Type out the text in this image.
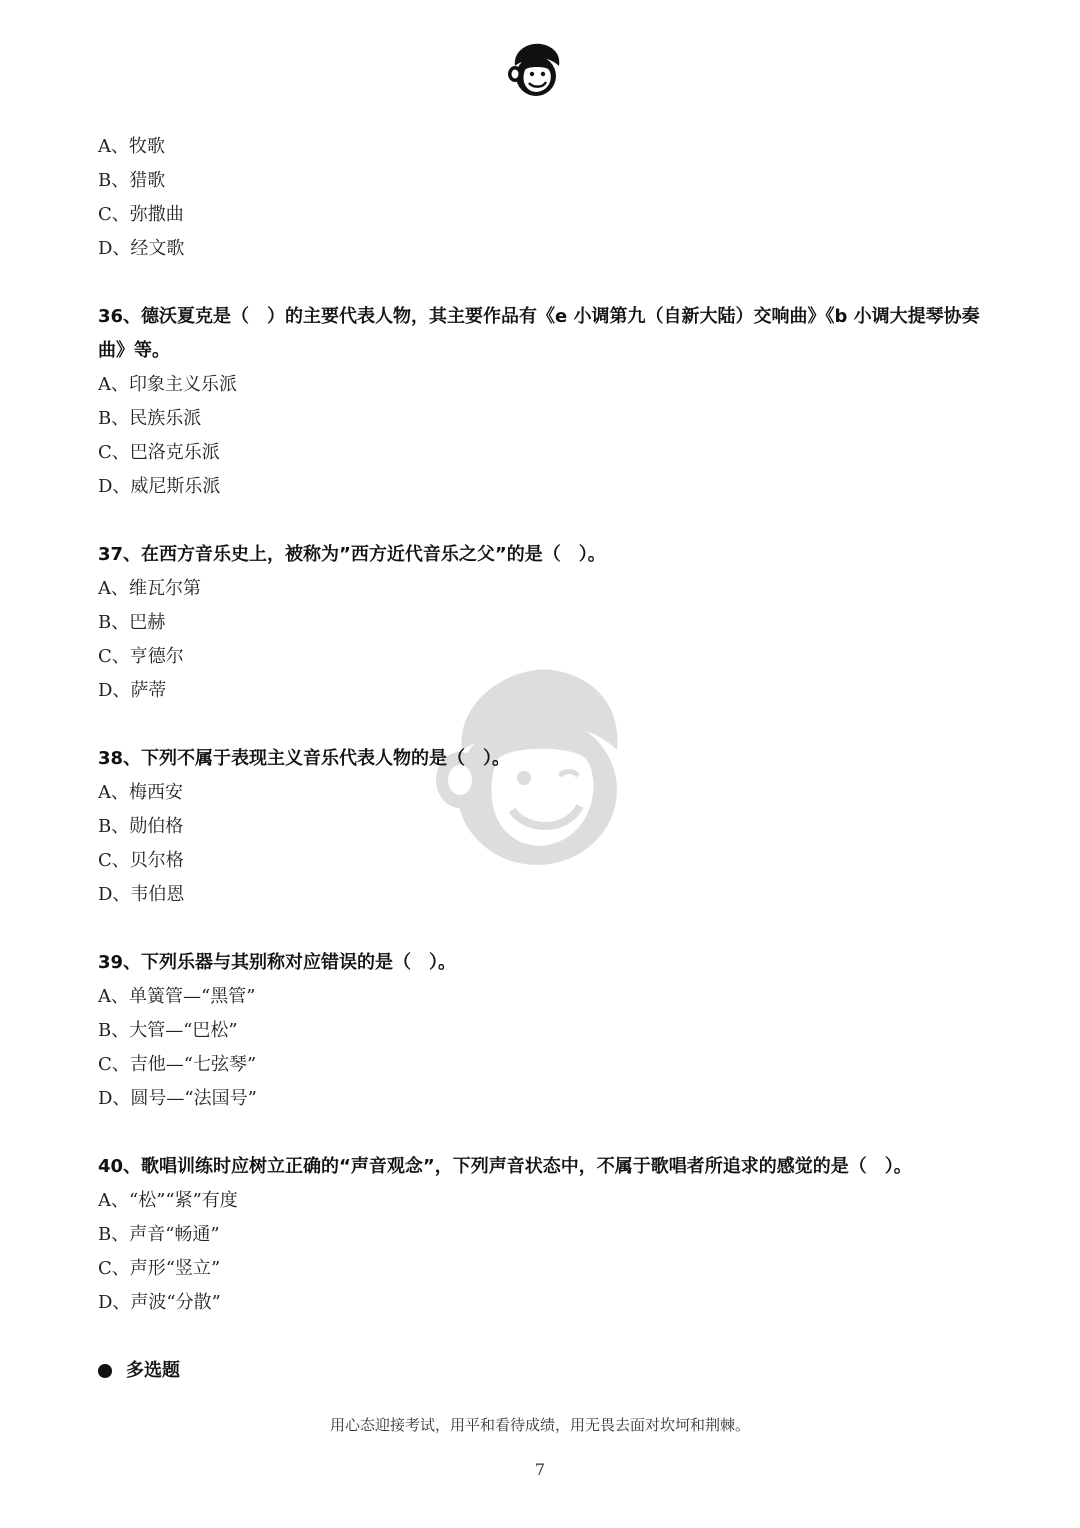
A、牧歌
B、猎歌
C、弥撒曲
D、经文歌
36、德沃夏克是（　）的主要代表人物，其主要作品有《e 小调第九（自新大陆）交响曲》《b 小调大提琴协奏曲》等。
A、印象主义乐派
B、民族乐派
C、巴洛克乐派
D、威尼斯乐派
37、在西方音乐史上，被称为”西方近代音乐之父”的是（　）。
A、维瓦尔第
B、巴赫
C、亨德尔
D、萨蒂
38、下列不属于表现主义音乐代表人物的是（　）。
A、梅西安
B、勋伯格
C、贝尔格
D、韦伯恩
39、下列乐器与其别称对应错误的是（　）。
A、单簧管—“黑管”
B、大管—“巴松”
C、吉他—“七弦琴”
D、圆号—“法国号”
40、歌唱训练时应树立正确的“声音观念”，下列声音状态中，不属于歌唱者所追求的感觉的是（　）。
A、“松”“紧”有度
B、声音“畅通”
C、声形“竖立”
D、声波“分散”
多选题
用心态迎接考试，用平和看待成绩，用无畏去面对坎坷和荆棘。
7
